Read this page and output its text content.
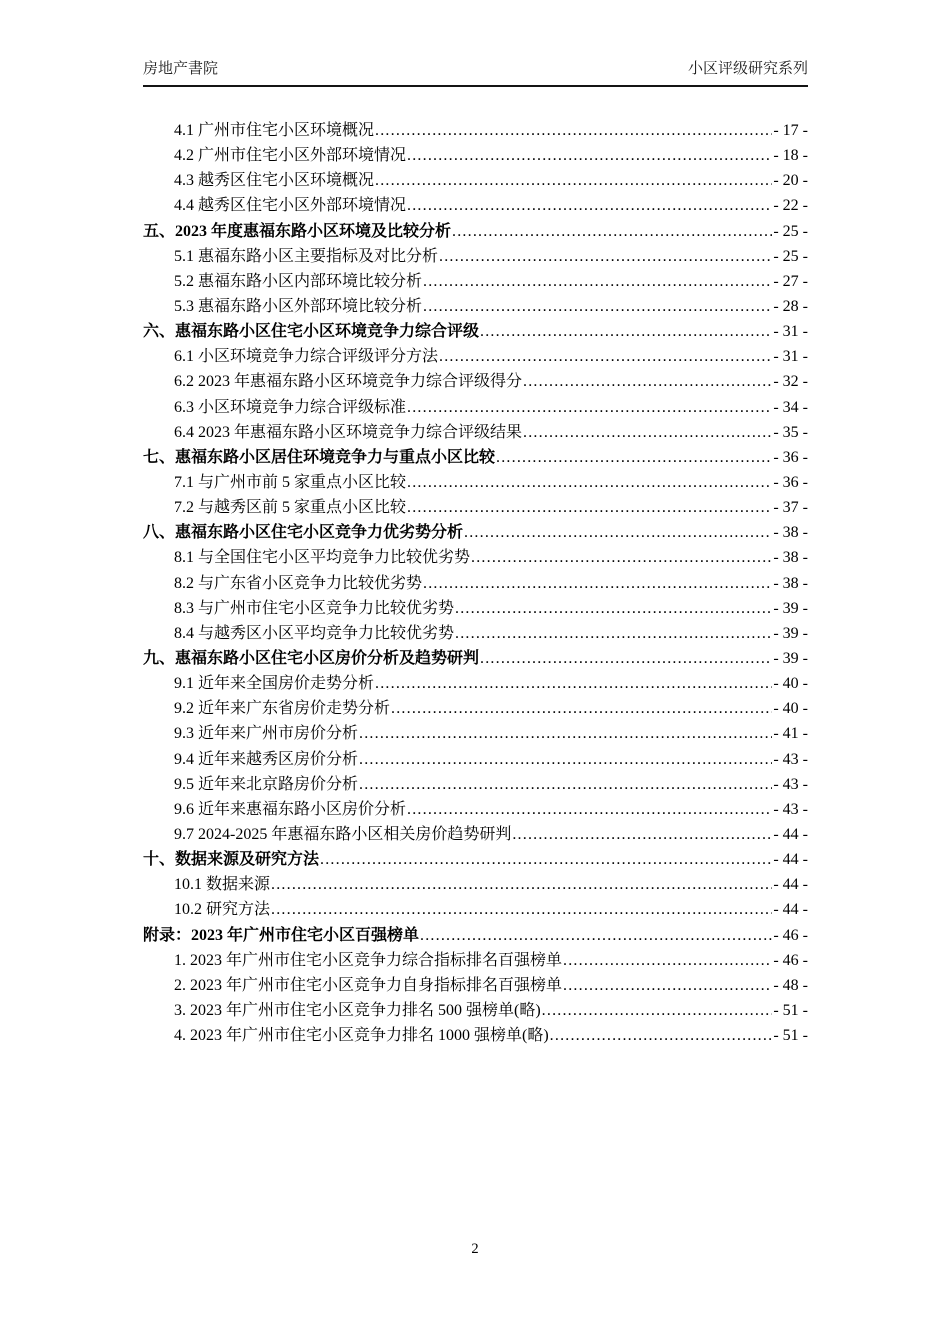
房地产書院	小区评级研究系列
4.1 广州市住宅小区环境概况 .....	- 17 -
4.2 广州市住宅小区外部环境情况 .....	- 18 -
4.3 越秀区住宅小区环境概况 .....	- 20 -
4.4 越秀区住宅小区外部环境情况 .....	- 22 -
五、2023 年度惠福东路小区环境及比较分析 .....	- 25 -
5.1 惠福东路小区主要指标及对比分析 .....	- 25 -
5.2 惠福东路小区内部环境比较分析 .....	- 27 -
5.3 惠福东路小区外部环境比较分析 .....	- 28 -
六、惠福东路小区住宅小区环境竞争力综合评级 .....	- 31 -
6.1 小区环境竞争力综合评级评分方法 .....	- 31 -
6.2 2023 年惠福东路小区环境竞争力综合评级得分 .....	- 32 -
6.3 小区环境竞争力综合评级标准 .....	- 34 -
6.4 2023 年惠福东路小区环境竞争力综合评级结果 .....	- 35 -
七、惠福东路小区居住环境竞争力与重点小区比较 .....	- 36 -
7.1 与广州市前 5 家重点小区比较 .....	- 36 -
7.2 与越秀区前 5 家重点小区比较 .....	- 37 -
八、惠福东路小区住宅小区竞争力优劣势分析 .....	- 38 -
8.1 与全国住宅小区平均竞争力比较优劣势 .....	- 38 -
8.2 与广东省小区竞争力比较优劣势 .....	- 38 -
8.3 与广州市住宅小区竞争力比较优劣势 .....	- 39 -
8.4 与越秀区小区平均竞争力比较优劣势 .....	- 39 -
九、惠福东路小区住宅小区房价分析及趋势研判 .....	- 39 -
9.1 近年来全国房价走势分析 .....	- 40 -
9.2 近年来广东省房价走势分析 .....	- 40 -
9.3 近年来广州市房价分析 .....	- 41 -
9.4 近年来越秀区房价分析 .....	- 43 -
9.5 近年来北京路房价分析 .....	- 43 -
9.6 近年来惠福东路小区房价分析 .....	- 43 -
9.7 2024-2025 年惠福东路小区相关房价趋势研判 .....	- 44 -
十、数据来源及研究方法 .....	- 44 -
10.1 数据来源 .....	- 44 -
10.2 研究方法 .....	- 44 -
附录：2023 年广州市住宅小区百强榜单 .....	- 46 -
1. 2023 年广州市住宅小区竞争力综合指标排名百强榜单 .....	- 46 -
2. 2023 年广州市住宅小区竞争力自身指标排名百强榜单 .....	- 48 -
3. 2023 年广州市住宅小区竞争力排名 500 强榜单(略) .....	- 51 -
4. 2023 年广州市住宅小区竞争力排名 1000 强榜单(略) .....	- 51 -
2
